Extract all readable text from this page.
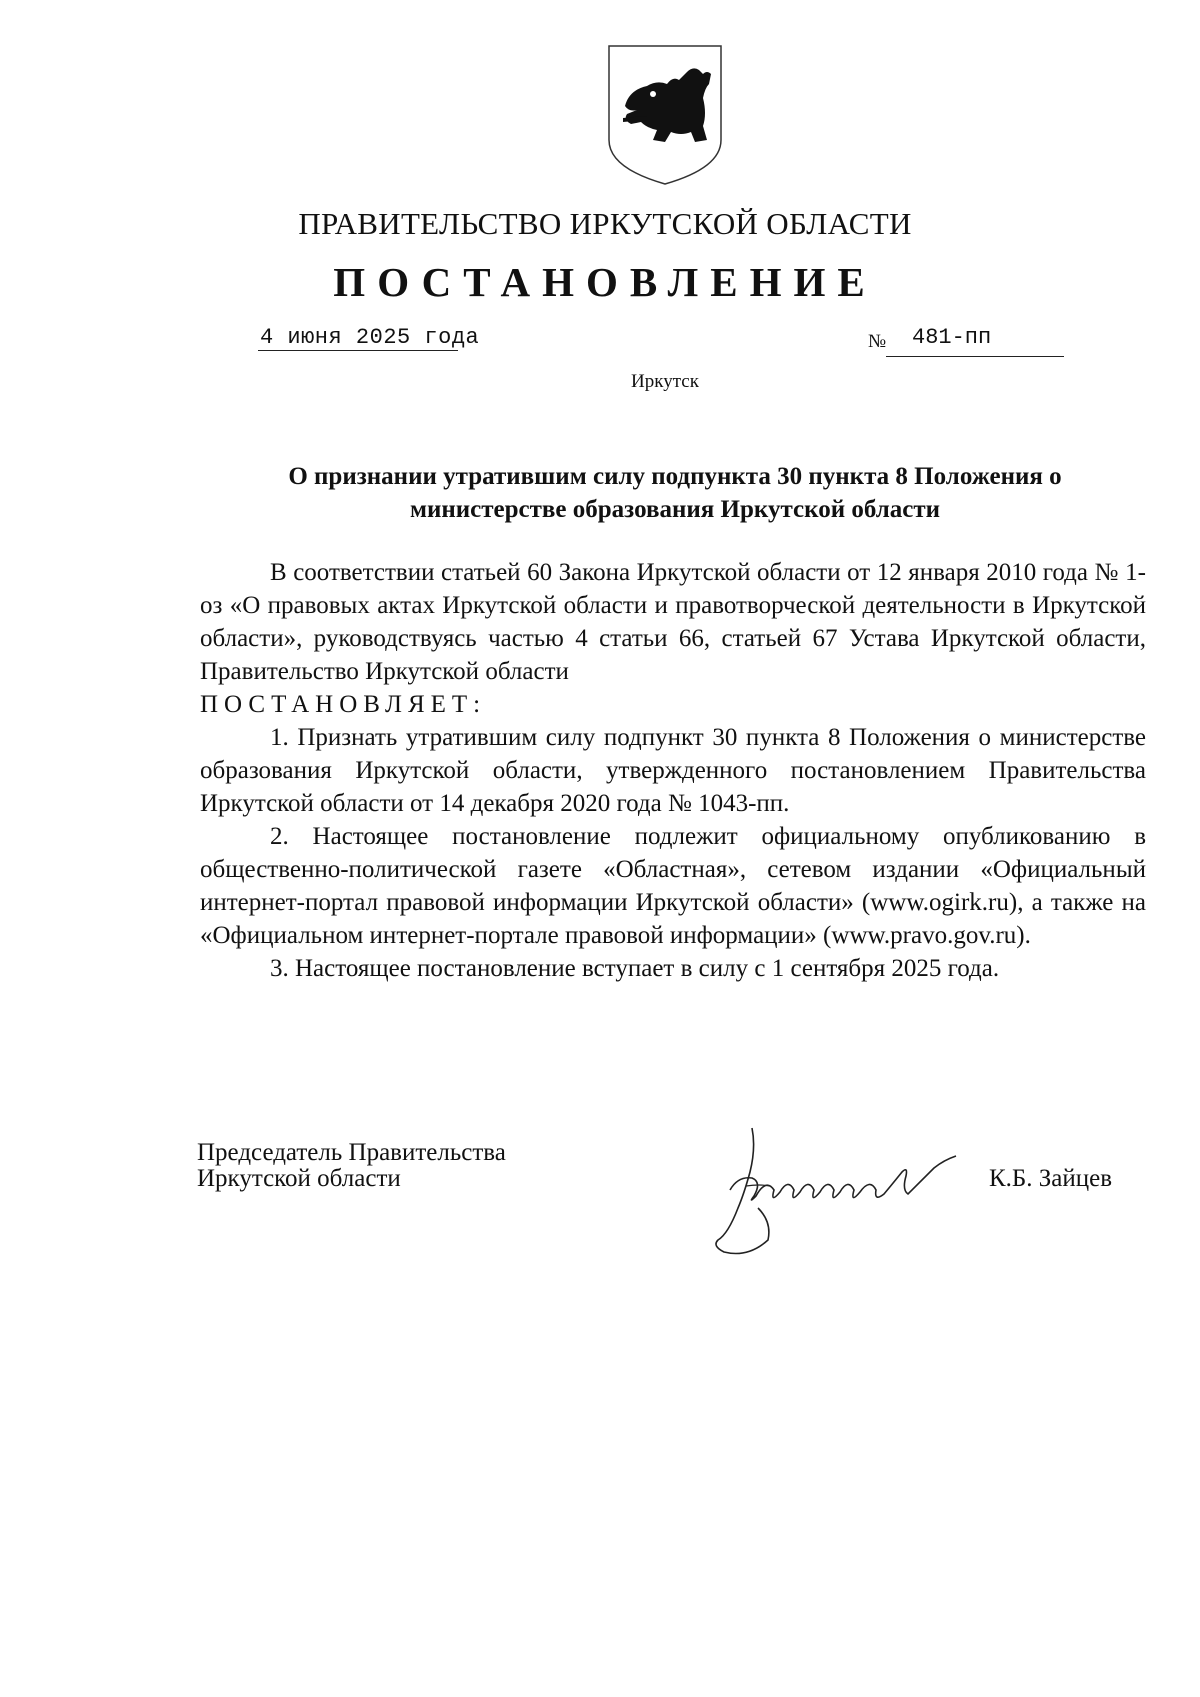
ПРАВИТЕЛЬСТВО ИРКУТСКОЙ ОБЛАСТИ
ПОСТАНОВЛЕНИЕ
4 июня 2025 года	№ 481-пп
Иркутск
О признании утратившим силу подпункта 30 пункта 8 Положения о
министерстве образования Иркутской области

В соответствии статьей 60 Закона Иркутской области от 12 января 2010 года № 1-оз «О правовых актах Иркутской области и правотворческой деятельности в Иркутской области», руководствуясь частью 4 статьи 66, статьей 67 Устава Иркутской области, Правительство Иркутской области

ПОСТАНОВЛЯЕТ:

1. Признать утратившим силу подпункт 30 пункта 8 Положения о министерстве образования Иркутской области, утвержденного постановлением Правительства Иркутской области от 14 декабря 2020 года № 1043-пп.

2. Настоящее постановление подлежит официальному опубликованию в общественно-политической газете «Областная», сетевом издании «Официальный интернет-портал правовой информации Иркутской области» (www.ogirk.ru), а также на «Официальном интернет-портале правовой информации» (www.pravo.gov.ru).

3. Настоящее постановление вступает в силу с 1 сентября 2025 года.

Председатель Правительства
Иркутской области	К.Б. Зайцев
